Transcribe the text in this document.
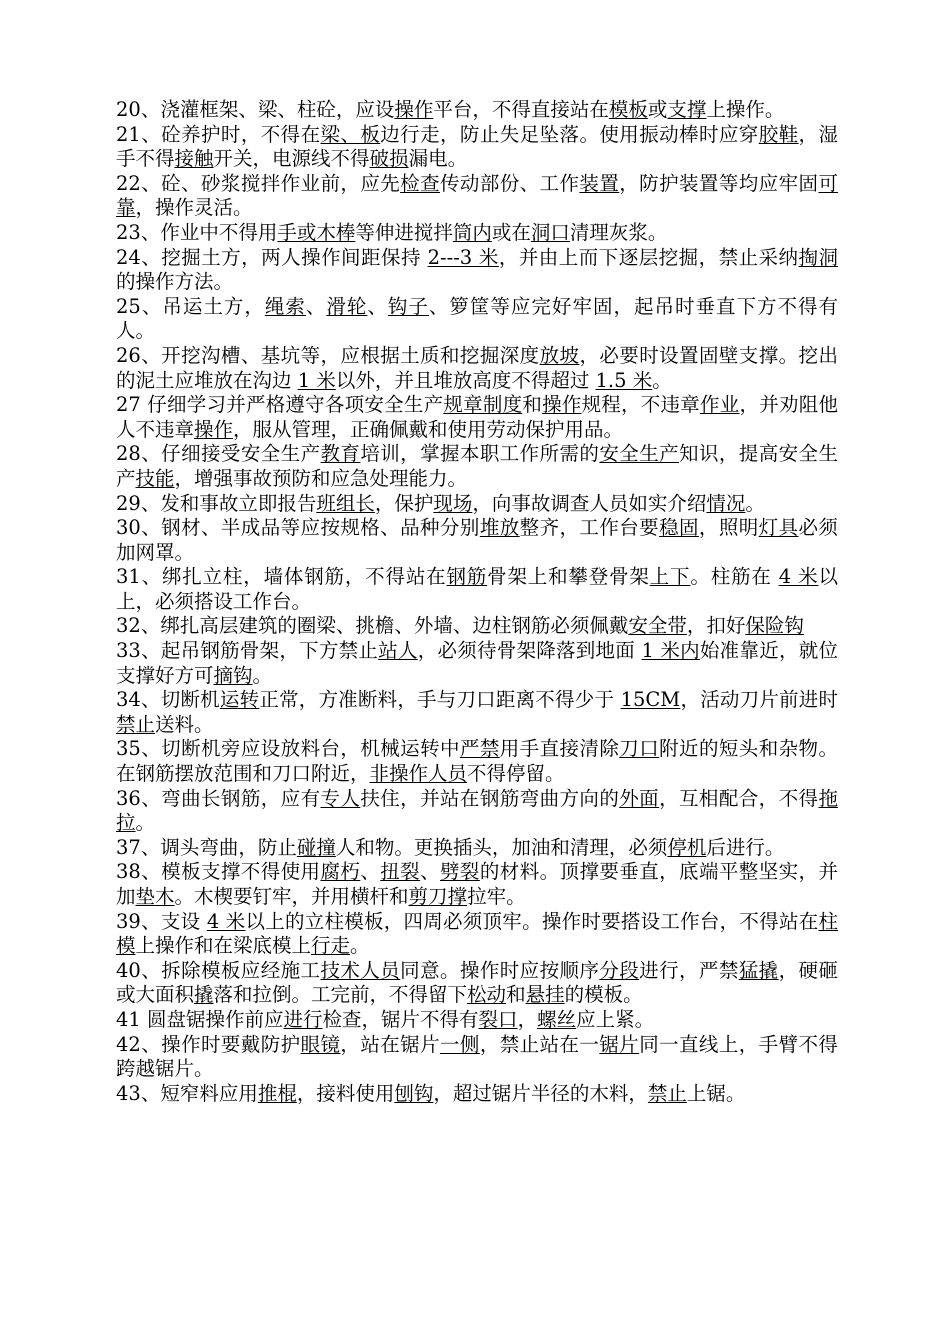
20、浇灌框架、梁、柱砼，应设操作平台，不得直接站在模板或支撑上操作。

21、砼养护时，不得在梁、板边行走，防止失足坠落。使用振动棒时应穿胶鞋，湿手不得接触开关，电源线不得破损漏电。

22、砼、砂浆搅拌作业前，应先检查传动部份、工作装置，防护装置等均应牢固可靠，操作灵活。

23、作业中不得用手或木棒等伸进搅拌筒内或在洞口清理灰浆。

24、挖掘土方，两人操作间距保持 2---3 米，并由上而下逐层挖掘，禁止采纳掏洞的操作方法。

25、吊运土方，绳索、滑轮、钩子、箩筐等应完好牢固，起吊时垂直下方不得有人。

26、开挖沟槽、基坑等，应根据土质和挖掘深度放坡，必要时设置固壁支撑。挖出的泥土应堆放在沟边 1 米以外，并且堆放高度不得超过 1.5 米。

27 仔细学习并严格遵守各项安全生产规章制度和操作规程，不违章作业，并劝阻他人不违章操作，服从管理，正确佩戴和使用劳动保护用品。

28、仔细接受安全生产教育培训，掌握本职工作所需的安全生产知识，提高安全生产技能，增强事故预防和应急处理能力。

29、发和事故立即报告班组长，保护现场，向事故调查人员如实介绍情况。

30、钢材、半成品等应按规格、品种分别堆放整齐，工作台要稳固，照明灯具必须加网罩。

31、绑扎立柱，墙体钢筋，不得站在钢筋骨架上和攀登骨架上下。柱筋在 4 米以上，必须搭设工作台。

32、绑扎高层建筑的圈梁、挑檐、外墙、边柱钢筋必须佩戴安全带，扣好保险钩

33、起吊钢筋骨架，下方禁止站人，必须待骨架降落到地面 1 米内始准靠近，就位支撑好方可摘钩。

34、切断机运转正常，方准断料，手与刀口距离不得少于 15CM，活动刀片前进时禁止送料。

35、切断机旁应设放料台，机械运转中严禁用手直接清除刀口附近的短头和杂物。在钢筋摆放范围和刀口附近，非操作人员不得停留。

36、弯曲长钢筋，应有专人扶住，并站在钢筋弯曲方向的外面，互相配合，不得拖拉。

37、调头弯曲，防止碰撞人和物。更换插头，加油和清理，必须停机后进行。

38、模板支撑不得使用腐朽、扭裂、劈裂的材料。顶撑要垂直，底端平整坚实，并加垫木。木楔要钉牢，并用横杆和剪刀撑拉牢。

39、支设 4 米以上的立柱模板，四周必须顶牢。操作时要搭设工作台，不得站在柱模上操作和在梁底模上行走。

40、拆除模板应经施工技术人员同意。操作时应按顺序分段进行，严禁猛撬，硬砸或大面积撬落和拉倒。工完前，不得留下松动和悬挂的模板。

41 圆盘锯操作前应进行检查，锯片不得有裂口，螺丝应上紧。

42、操作时要戴防护眼镜，站在锯片一侧，禁止站在一锯片同一直线上，手臂不得跨越锯片。

43、短窄料应用推棍，接料使用刨钩，超过锯片半径的木料，禁止上锯。
